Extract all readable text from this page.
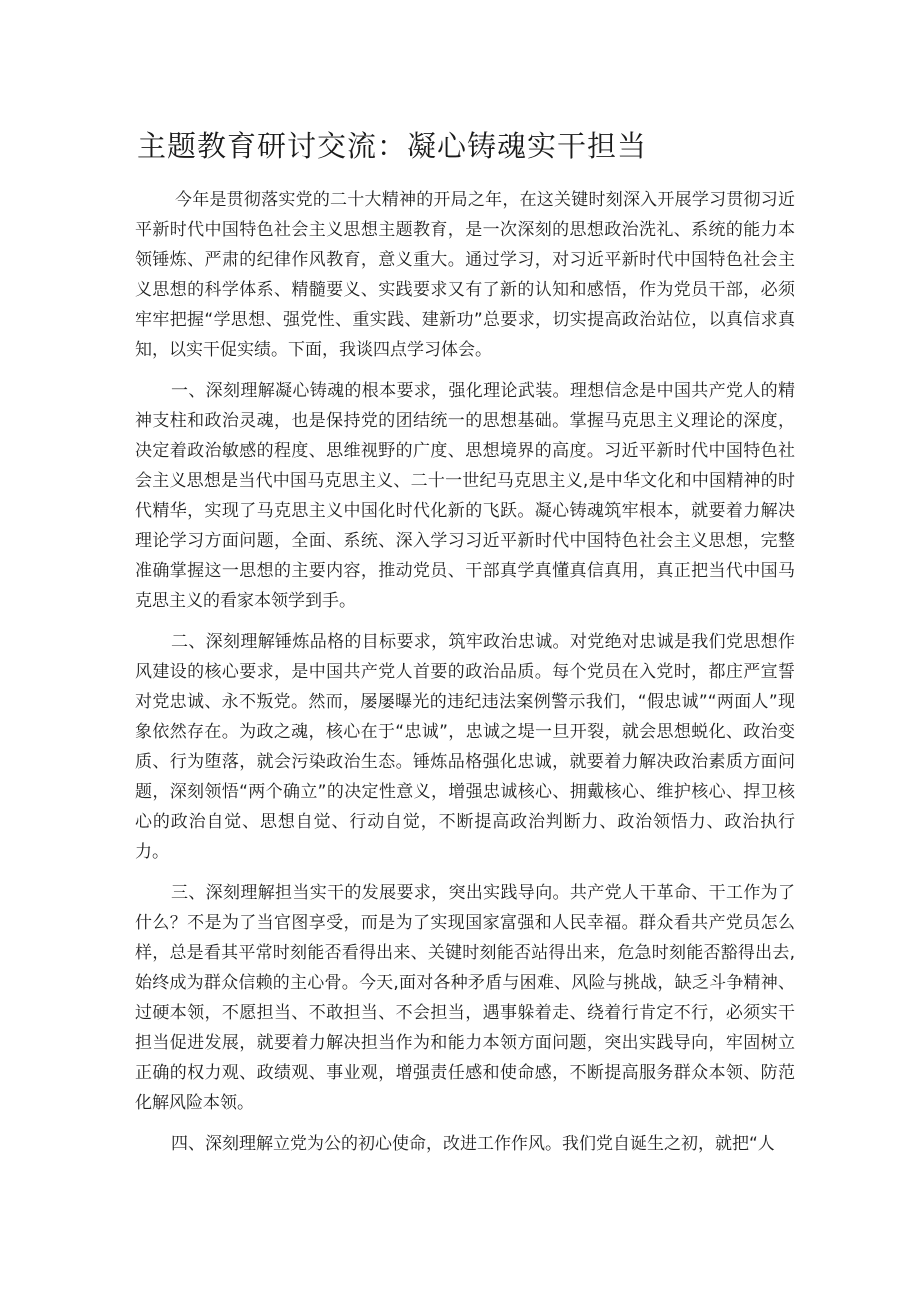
主题教育研讨交流：凝心铸魂实干担当

今年是贯彻落实党的二十大精神的开局之年，在这关键时刻深入开展学习贯彻习近平新时代中国特色社会主义思想主题教育，是一次深刻的思想政治洗礼、系统的能力本领锤炼、严肃的纪律作风教育，意义重大。通过学习，对习近平新时代中国特色社会主义思想的科学体系、精髓要义、实践要求又有了新的认知和感悟，作为党员干部，必须牢牢把握“学思想、强党性、重实践、建新功”总要求，切实提高政治站位，以真信求真知，以实干促实绩。下面，我谈四点学习体会。

一、深刻理解凝心铸魂的根本要求，强化理论武装。理想信念是中国共产党人的精神支柱和政治灵魂，也是保持党的团结统一的思想基础。掌握马克思主义理论的深度，决定着政治敏感的程度、思维视野的广度、思想境界的高度。习近平新时代中国特色社会主义思想是当代中国马克思主义、二十一世纪马克思主义,是中华文化和中国精神的时代精华，实现了马克思主义中国化时代化新的飞跃。凝心铸魂筑牢根本，就要着力解决理论学习方面问题，全面、系统、深入学习习近平新时代中国特色社会主义思想，完整准确掌握这一思想的主要内容，推动党员、干部真学真懂真信真用，真正把当代中国马克思主义的看家本领学到手。

二、深刻理解锤炼品格的目标要求，筑牢政治忠诚。对党绝对忠诚是我们党思想作风建设的核心要求，是中国共产党人首要的政治品质。每个党员在入党时，都庄严宣誓对党忠诚、永不叛党。然而，屡屡曝光的违纪违法案例警示我们，“假忠诚”“两面人”现象依然存在。为政之魂，核心在于“忠诚”，忠诚之堤一旦开裂，就会思想蜕化、政治变质、行为堕落，就会污染政治生态。锤炼品格强化忠诚，就要着力解决政治素质方面问题，深刻领悟“两个确立”的决定性意义，增强忠诚核心、拥戴核心、维护核心、捍卫核心的政治自觉、思想自觉、行动自觉，不断提高政治判断力、政治领悟力、政治执行力。

三、深刻理解担当实干的发展要求，突出实践导向。共产党人干革命、干工作为了什么？不是为了当官图享受，而是为了实现国家富强和人民幸福。群众看共产党员怎么样，总是看其平常时刻能否看得出来、关键时刻能否站得出来，危急时刻能否豁得出去,始终成为群众信赖的主心骨。今天,面对各种矛盾与困难、风险与挑战，缺乏斗争精神、过硬本领，不愿担当、不敢担当、不会担当，遇事躲着走、绕着行肯定不行，必须实干担当促进发展，就要着力解决担当作为和能力本领方面问题，突出实践导向，牢固树立正确的权力观、政绩观、事业观，增强责任感和使命感，不断提高服务群众本领、防范化解风险本领。

四、深刻理解立党为公的初心使命，改进工作作风。我们党自诞生之初，就把“人
